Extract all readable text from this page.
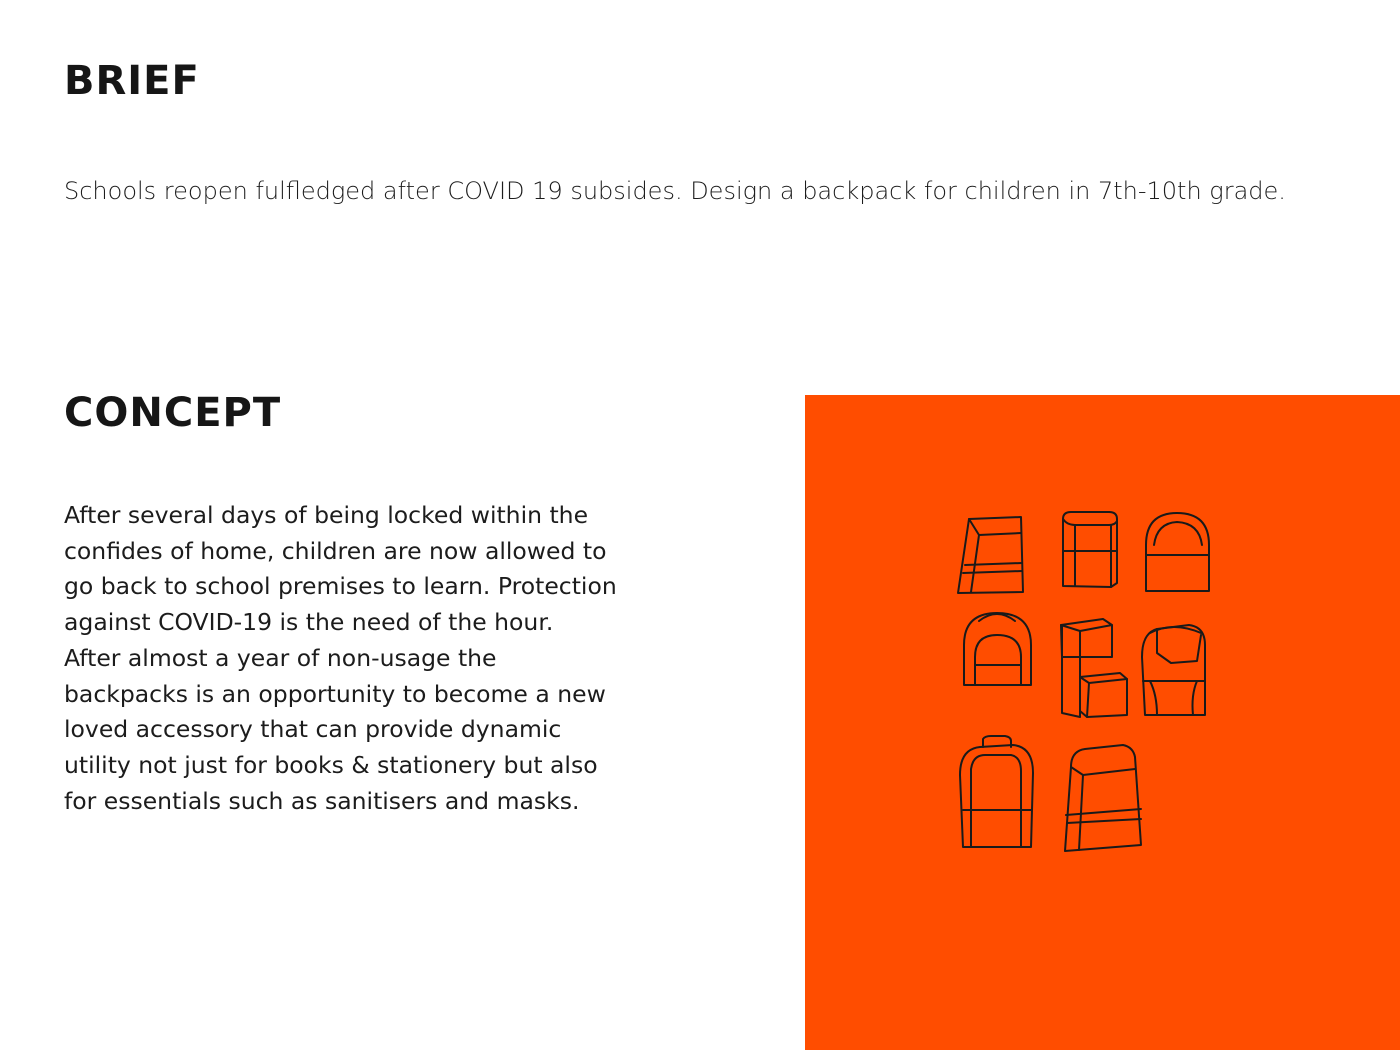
BRIEF

Schools reopen fulfledged after COVID 19 subsides. Design a backpack for children in 7th-10th grade.

CONCEPT

After several days of being locked within the
confides of home, children are now allowed to
go back to school premises to learn. Protection
against COVID-19 is the need of the hour.
After almost a year of non-usage the
backpacks is an opportunity to become a new
loved accessory that can provide dynamic
utility not just for books & stationery but also
for essentials such as sanitisers and masks.
